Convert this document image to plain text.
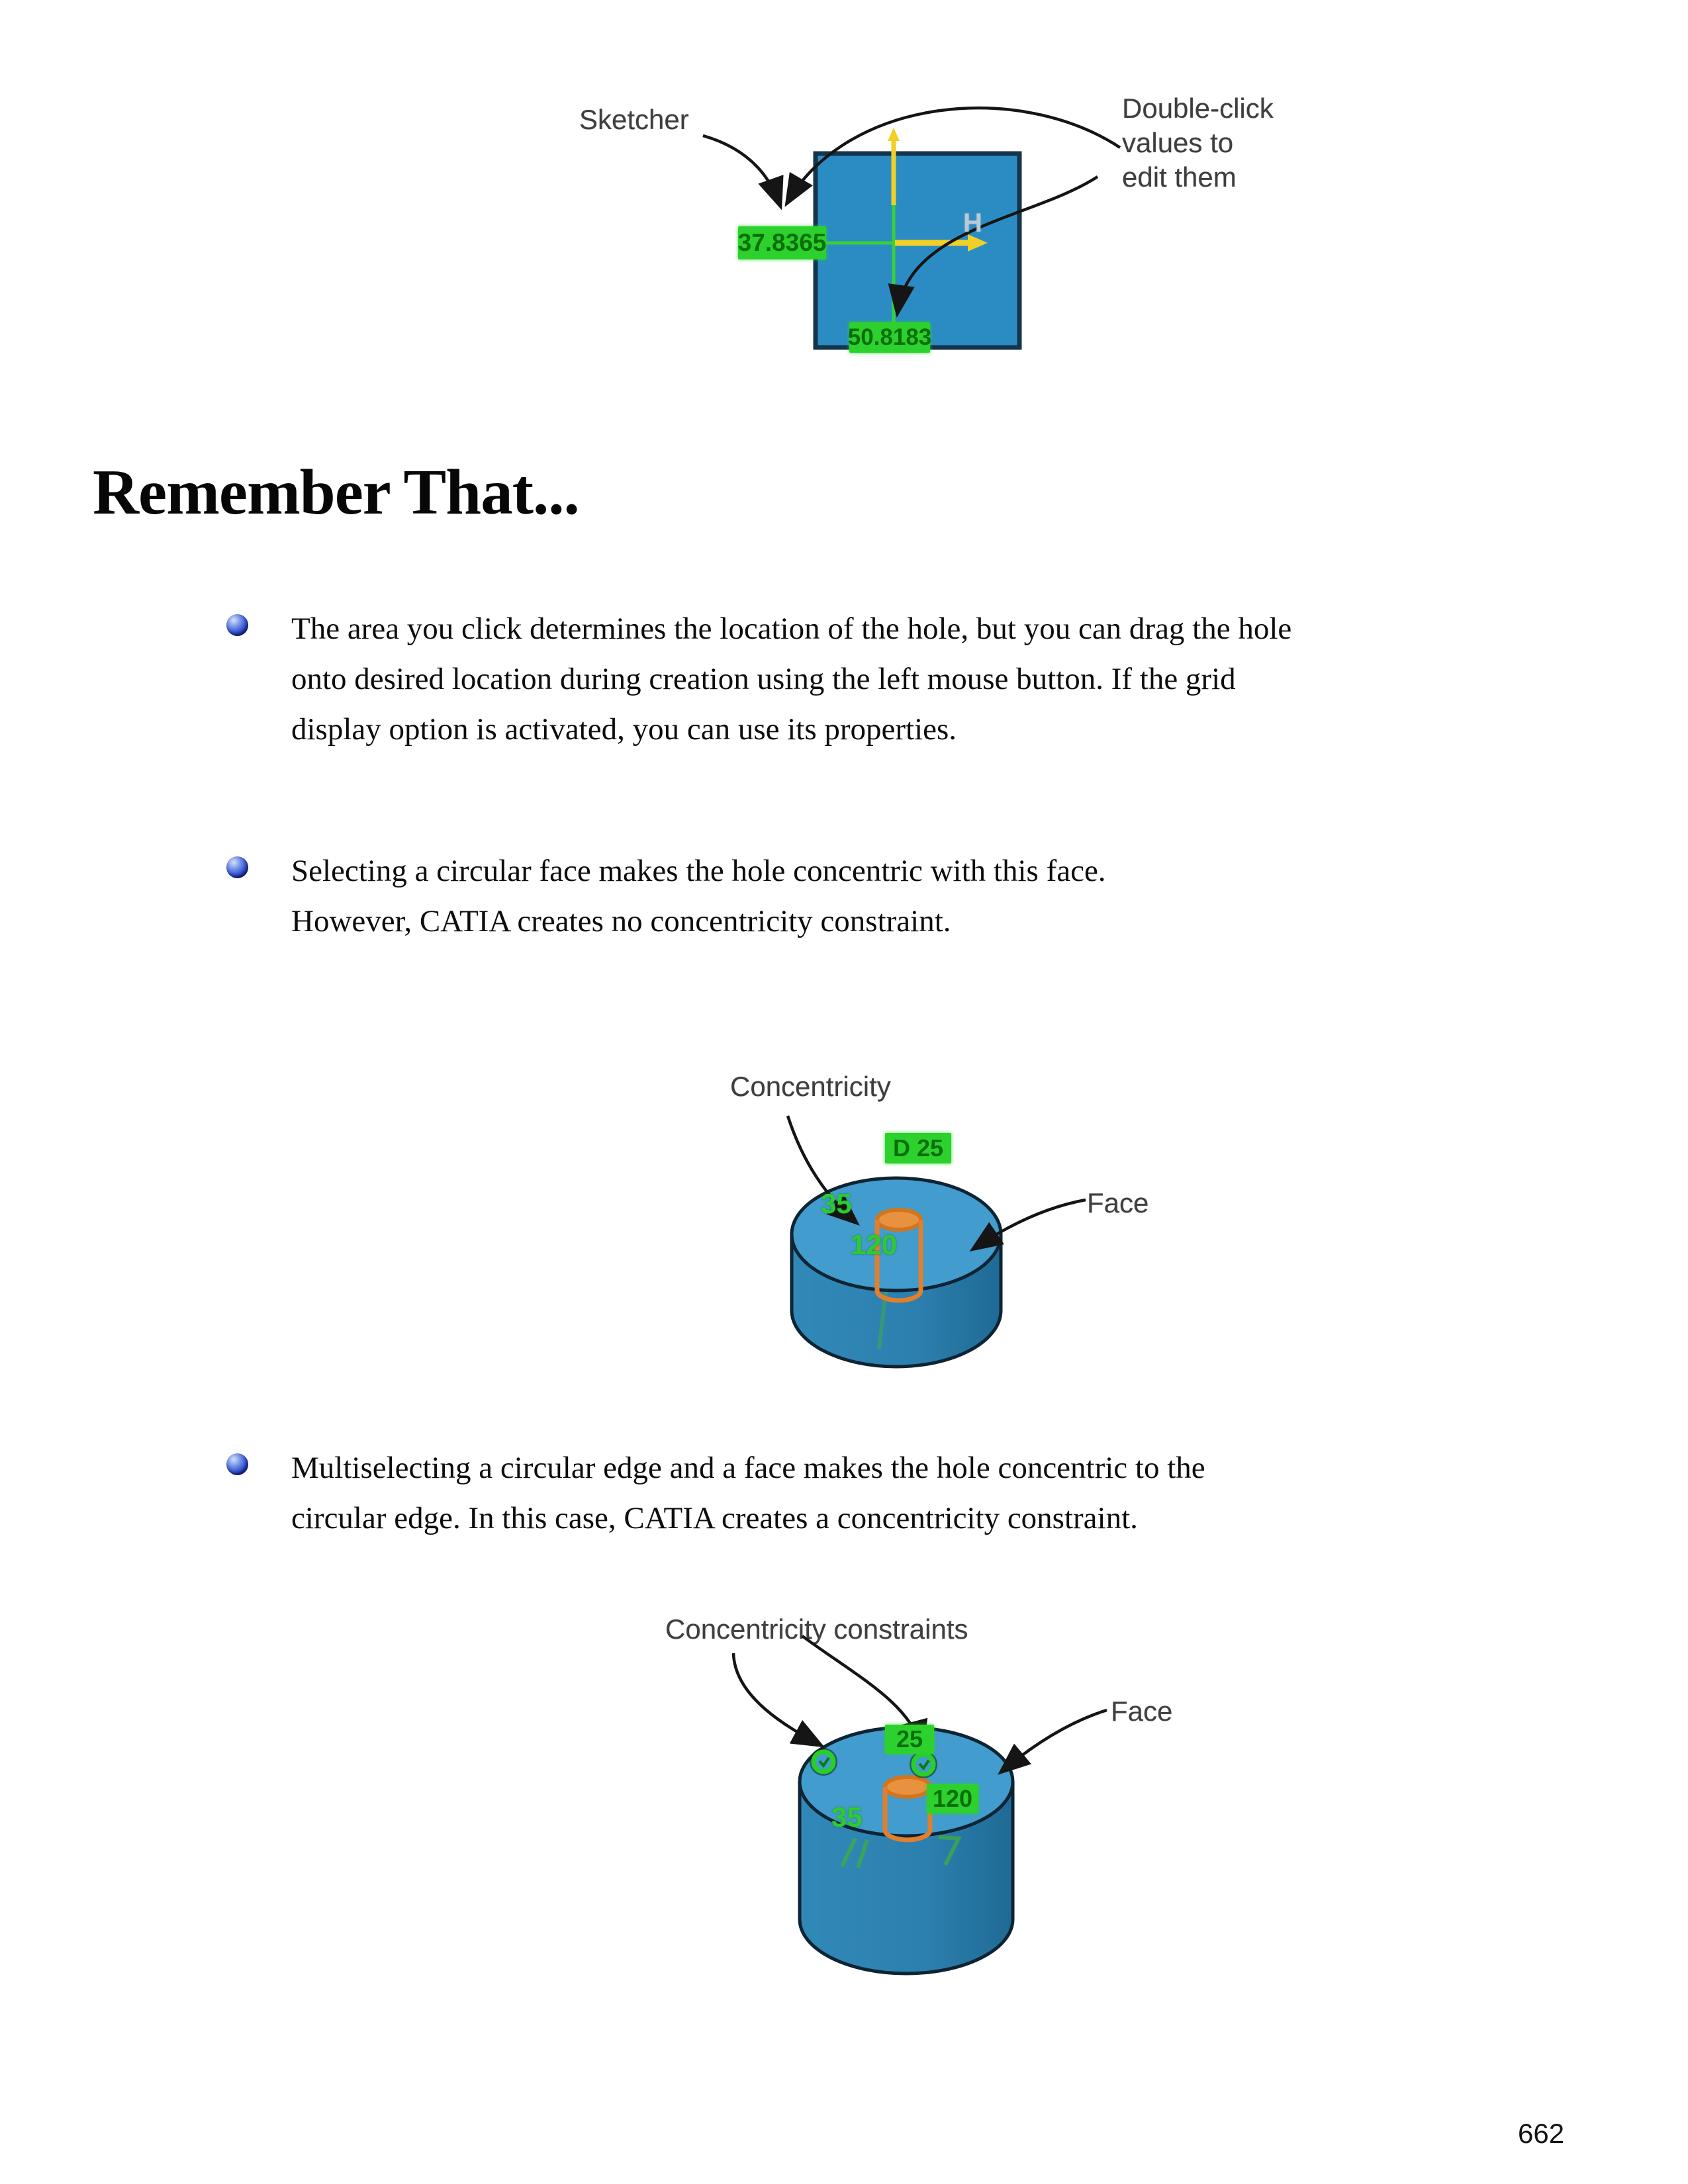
Sketcher	Double-click
values to
edit them
37.8365
50.8183
H
Remember That...
The area you click determines the location of the hole, but you can drag the hole
onto desired location during creation using the left mouse button. If the grid
display option is activated, you can use its properties.
Selecting a circular face makes the hole concentric with this face.
However, CATIA creates no concentricity constraint.
Concentricity
Face
D 25
35
120
Multiselecting a circular edge and a face makes the hole concentric to the
circular edge. In this case, CATIA creates a concentricity constraint.
Concentricity constraints
Face
25
120
35
662
